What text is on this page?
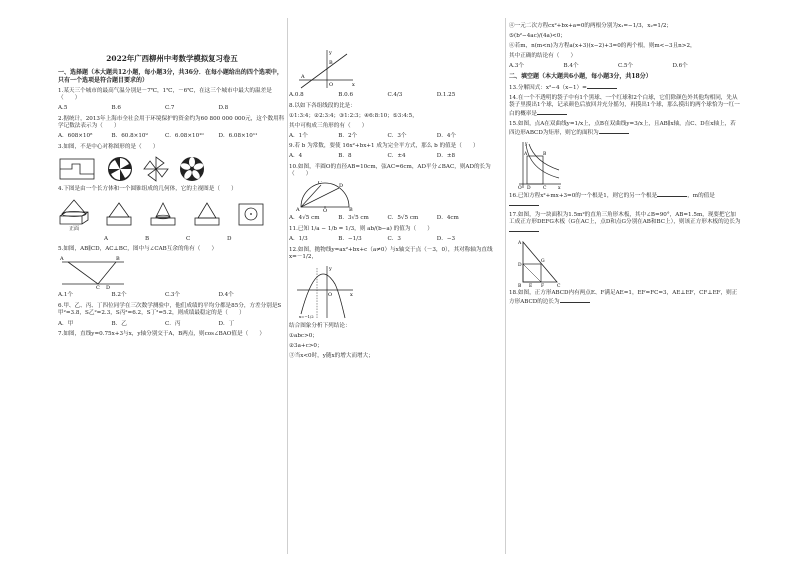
2022年广西柳州中考数学模拟复习卷五
一、选择题（本大题共12小题，每小题3分，共36分．在每小题给出的四个选项中，只有一个选项是符合题目要求的）
1.某天三个城市的最高气温分别是－7℃，1℃，－6℃，在这三个城市中最大的温差是（　　）
A.5	B.6	C.7	D.8
2.据统计，2013年上海市全社会用于环境保护的资金约为60 800 000 000元，这个数用科学记数法表示为（　　）
A．608×10⁸	B．60.8×10⁹	C．6.08×10¹⁰	D．6.08×10¹¹
3.如图，不是中心对称图形的是（　　）
4.下图是由一个长方体和一个圆锥组成的几何体，它的主视图是（　　）
正面
A	B	C	D
5.如图，AB∥CD，AC⊥BC，图中与∠CAB互余的角有（　　）
A	B
C D
A.1个	B.2个	C.3个	D.4个
6.甲、乙、丙、丁四位同学在三次数学测验中，他们成绩的平均分都是85分，方差分别是S甲²=3.8，S乙²=2.3，S丙²=6.2，S丁²=5.2，则成绩最稳定的是（　　）
A．甲	B．乙	C．丙	D．丁
7.如图，直线y=0.75x+3与x，y轴分别交于A，B两点，则cos∠BAO值是（　　）
A
B
O	x
y
A.0.8	B.0.6	C.4/3	D.1.25
8.以如下各组线段的比是：
①1:3:4；②2:3:4；③1:2:3；④6:8:10；⑤3:4:5，
其中可构成三角形的有（　　）
A．1个	B．2个	C．3个	D．4个
9.若 b 为常数，要使 16x²+bx+1 成为完全平方式，那么 b 的值是（　　）
A．4	B．8	C．±4	D．±8
10.如图，半圆O的直径AB=10cm，弦AC=6cm，AD平分∠BAC，则AD的长为（　　）
A	B
C	D
O
A．4√5 cm	B．3√5 cm	C．5√5 cm	D．4cm
11.已知 1/a − 1/b = 1/3，则 ab/(b−a) 的值为（　　）
A．1/3	B．−1/3	C．3	D．−3
12.如图，抛物线y=ax²+bx+c（a≠0）与x轴交于点（－3，0），其对称轴为直线x=－1/2，
x
y
O
x=−1/2
结合图象分析下列结论：
①abc>0；
②3a+c>0；
③当x<0时，y随x的增大而增大；
④一元二次方程cx²+bx+a=0的两根分别为x₁=−1/3，x₂=1/2；
⑤(b²−4ac)/(4a)<0；
⑥若m，n(m<n)为方程a(x+3)(x−2)+3=0的两个根，则m<−3且n>2，
其中正确的结论有（　　）
A.3个	B.4个	C.5个	D.6个
二、填空题（本大题共6小题，每小题3分，共18分）
13.分解因式：x²−4（x−1）=
14.在一个不透明的袋子中有1个黑球、一个红球和2个白球，它们除颜色外其他均相同，先从袋子里摸出1个球，记录颜色后放回并充分摇匀，再摸出1个球，那么摸出的两个球恰为一红一白的概率是
15.如图，点A在双曲线y=1/x上，点B在双曲线y=3/x上，且AB∥x轴，点C、D在x轴上，若四边形ABCD为矩形，则它的面积为
A	B
C
D
O	x
y
16.已知方程x²+mx+3=0的一个根是1，则它的另一个根是	，m的值是
17.如图，为一块面积为1.5m²的直角三角形木板，其中∠B=90°，AB=1.5m，现要把它加工成正方形DEFG木板（G在AC上，点D和点G分别在AB和BC上），则该正方形木板的边长为
A
B	C
D
G
F
E
18.如图，正方形ABCD内有两点E、F满足AE=1，EF=FC=3，AE⊥EF，CF⊥EF，则正方形ABCD的边长为
